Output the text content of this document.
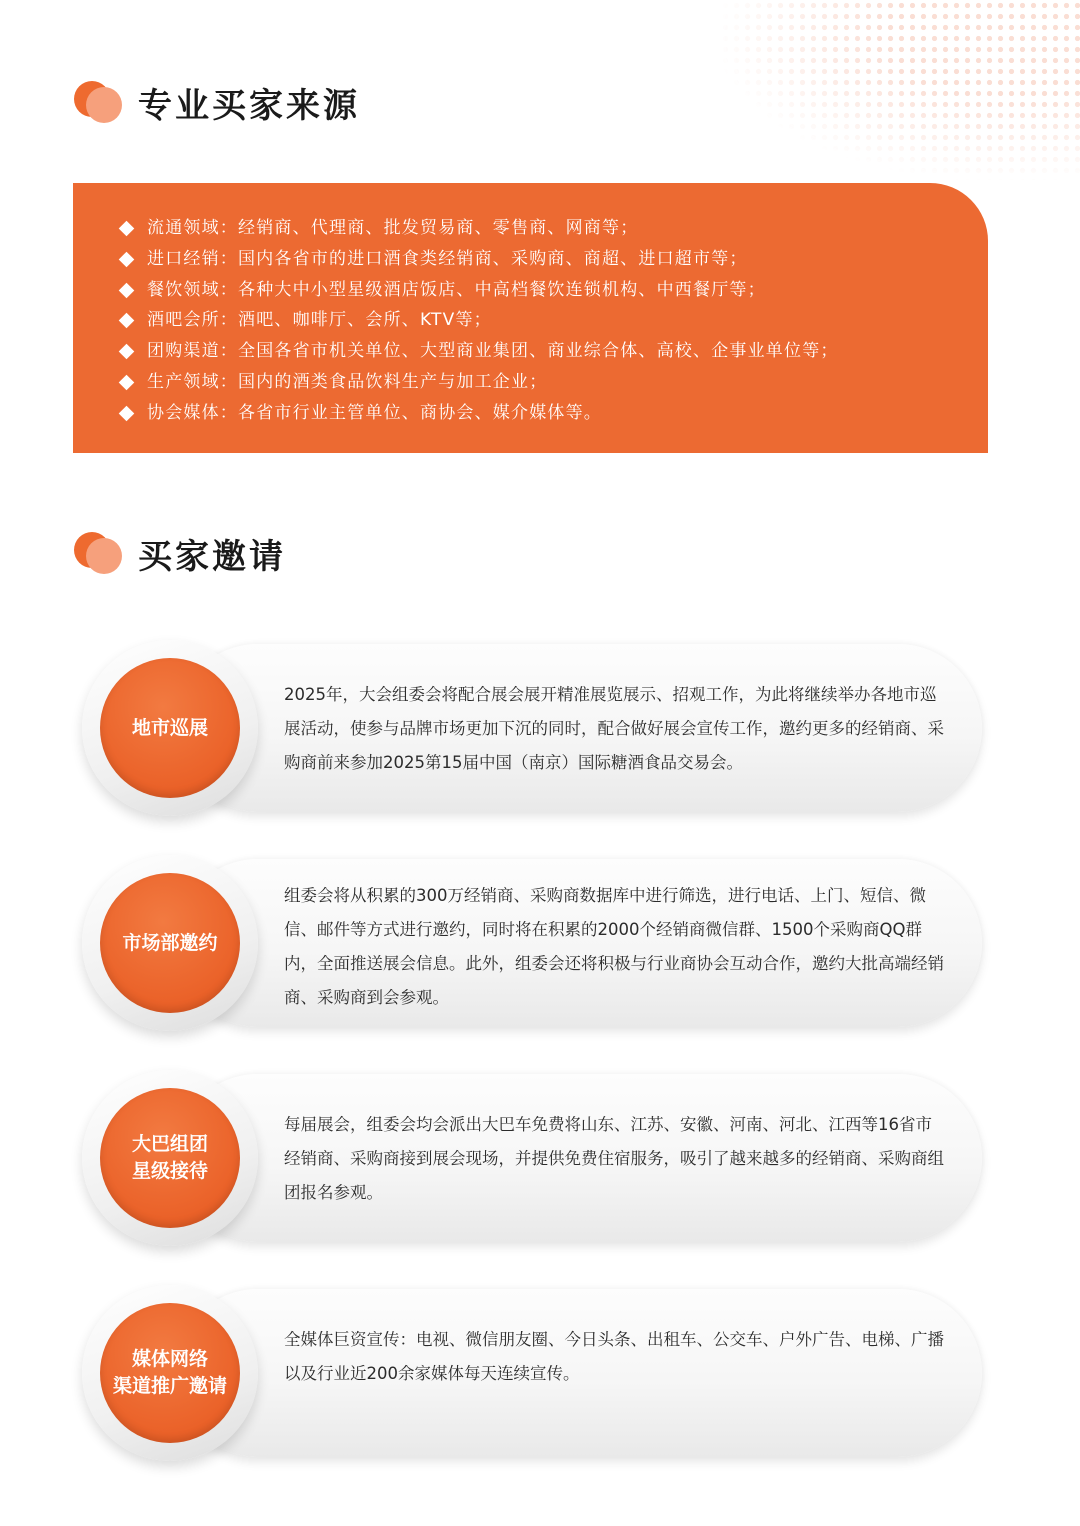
专业买家来源
流通领域：经销商、代理商、批发贸易商、零售商、网商等；
进口经销：国内各省市的进口酒食类经销商、采购商、商超、进口超市等；
餐饮领域：各种大中小型星级酒店饭店、中高档餐饮连锁机构、中西餐厅等；
酒吧会所：酒吧、咖啡厅、会所、KTV等；
团购渠道：全国各省市机关单位、大型商业集团、商业综合体、高校、企事业单位等；
生产领域：国内的酒类食品饮料生产与加工企业；
协会媒体：各省市行业主管单位、商协会、媒介媒体等。
买家邀请
地市巡展
2025年，大会组委会将配合展会展开精准展览展示、招观工作，为此将继续举办各地市巡展活动，使参与品牌市场更加下沉的同时，配合做好展会宣传工作，邀约更多的经销商、采购商前来参加2025第15届中国（南京）国际糖酒食品交易会。
市场部邀约
组委会将从积累的300万经销商、采购商数据库中进行筛选，进行电话、上门、短信、微信、邮件等方式进行邀约，同时将在积累的2000个经销商微信群、1500个采购商QQ群内，全面推送展会信息。此外，组委会还将积极与行业商协会互动合作，邀约大批高端经销商、采购商到会参观。
大巴组团
星级接待
每届展会，组委会均会派出大巴车免费将山东、江苏、安徽、河南、河北、江西等16省市经销商、采购商接到展会现场，并提供免费住宿服务，吸引了越来越多的经销商、采购商组团报名参观。
媒体网络
渠道推广邀请
全媒体巨资宣传：电视、微信朋友圈、今日头条、出租车、公交车、户外广告、电梯、广播以及行业近200余家媒体每天连续宣传。
